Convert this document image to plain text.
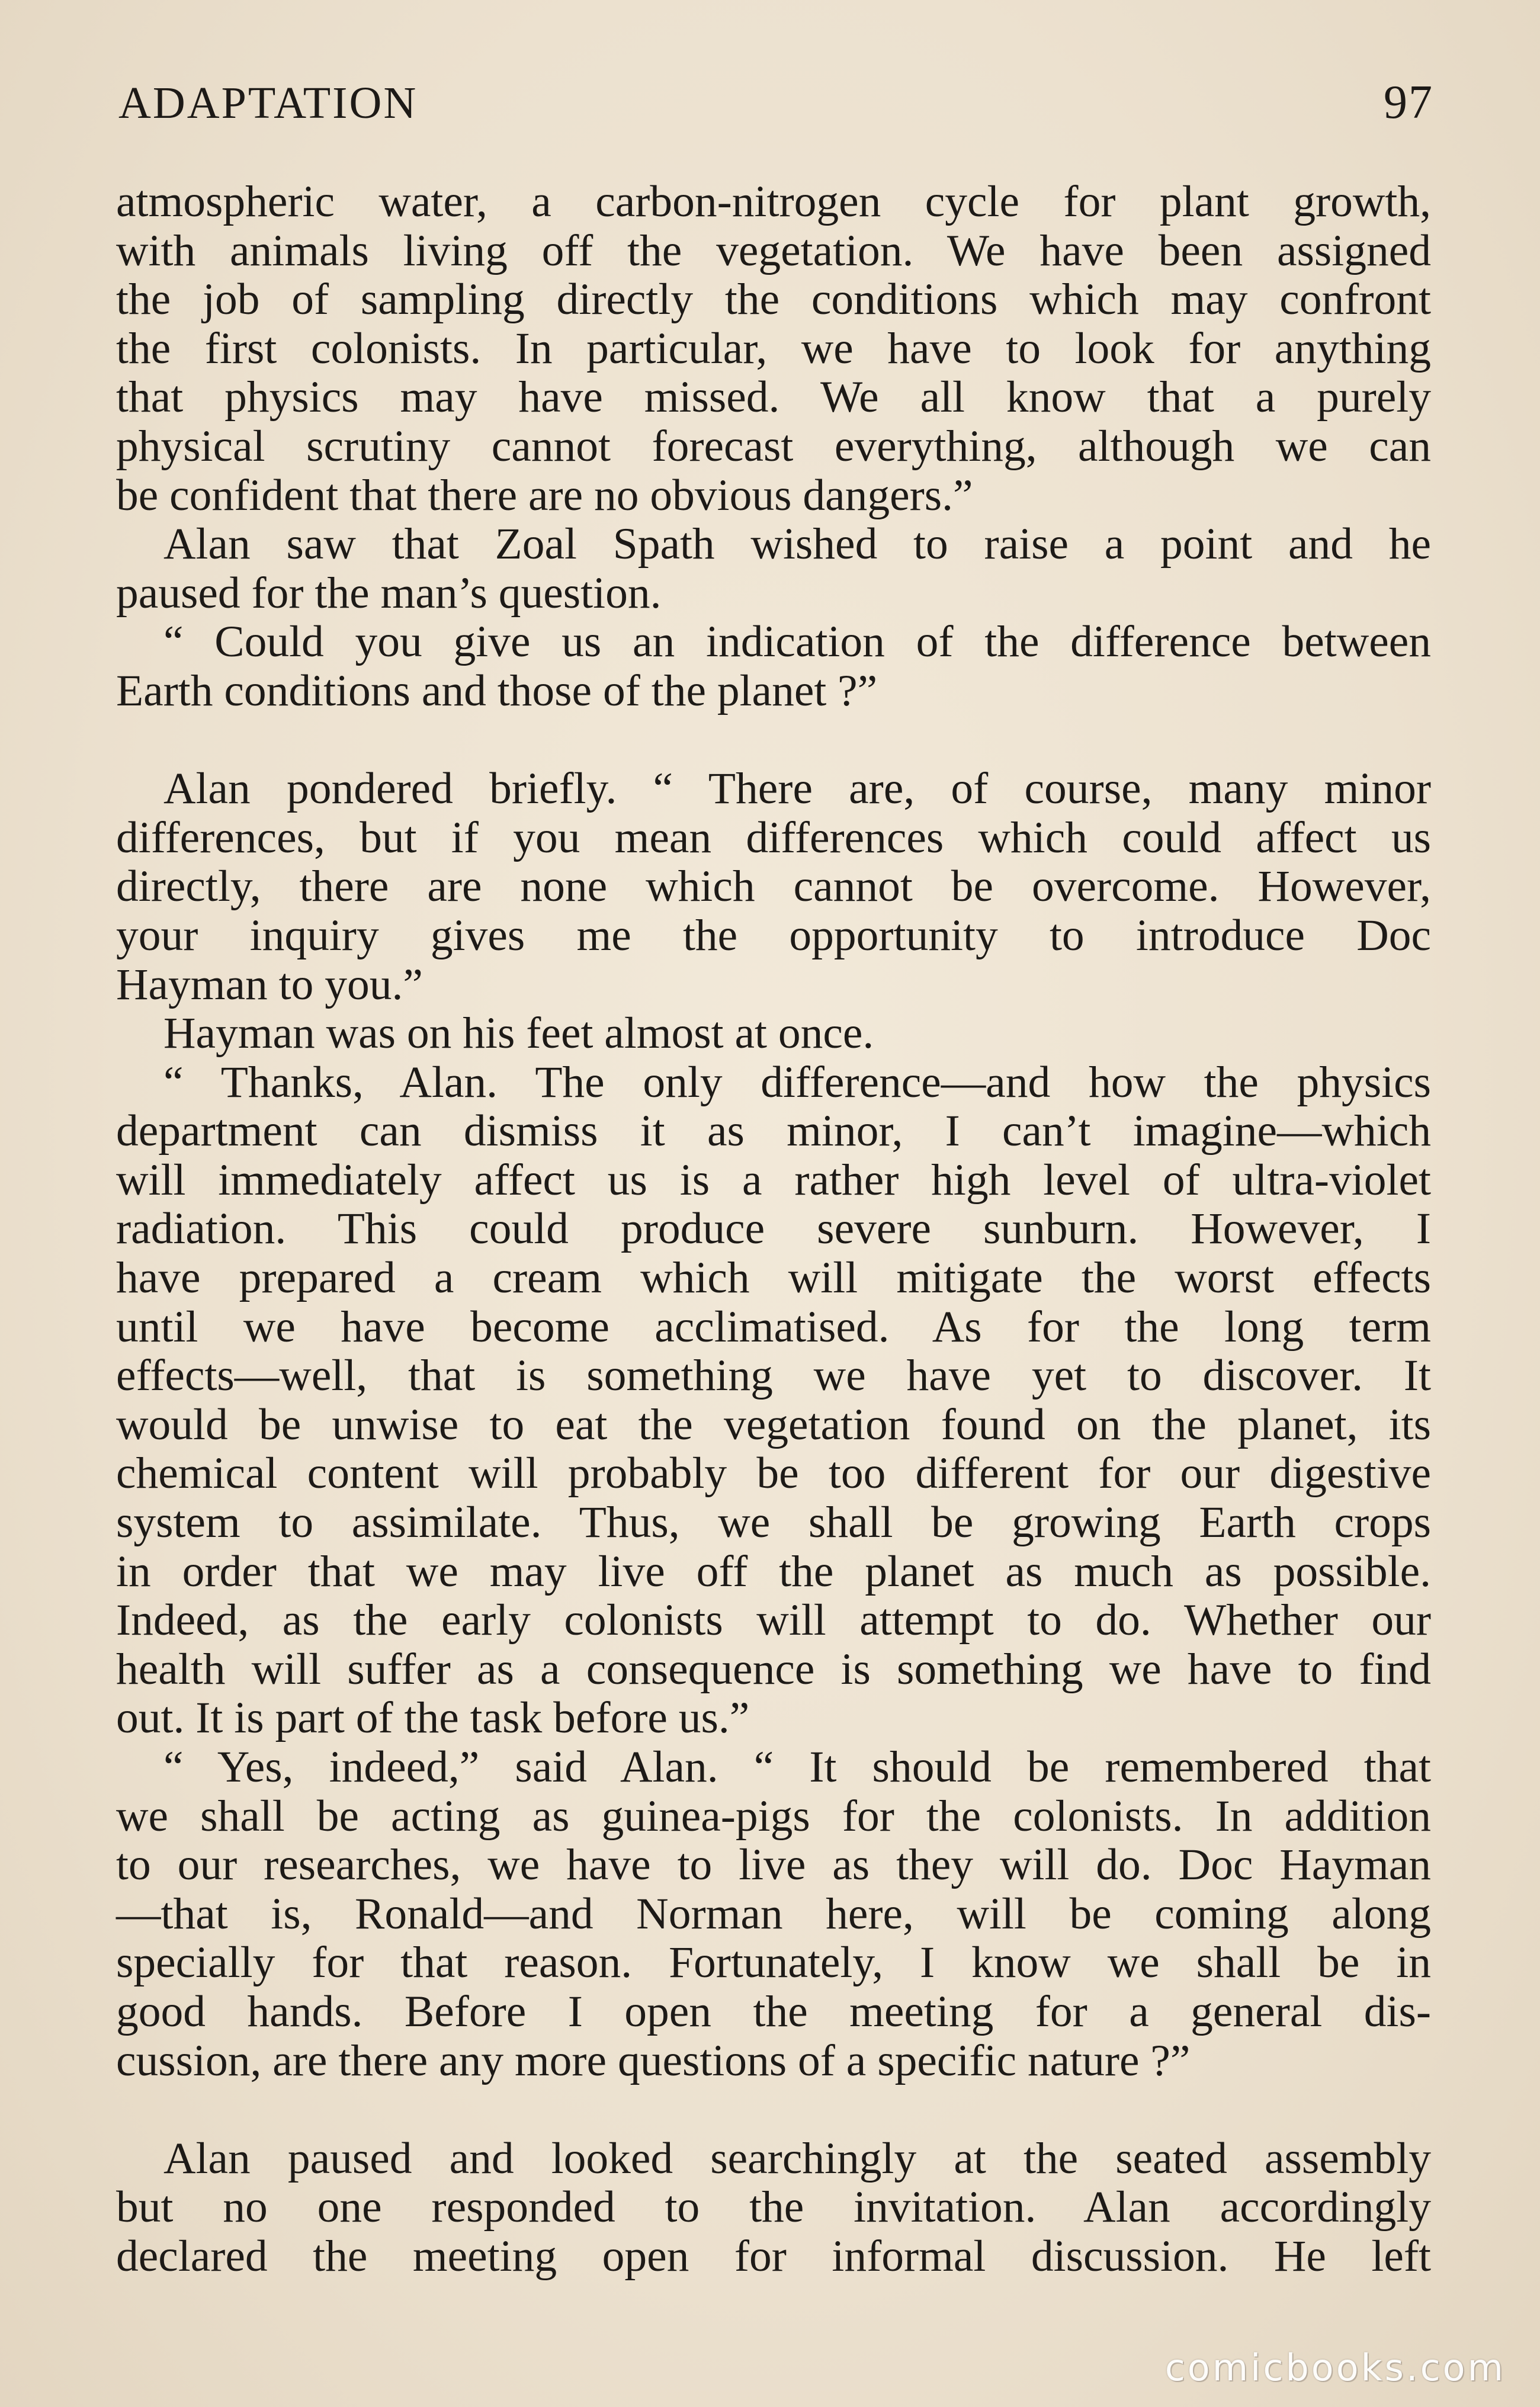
ADAPTATION	97
atmospheric water, a carbon-nitrogen cycle for plant growth,
with animals living off the vegetation. We have been assigned
the job of sampling directly the conditions which may confront
the first colonists. In particular, we have to look for anything
that physics may have missed. We all know that a purely
physical scrutiny cannot forecast everything, although we can
be confident that there are no obvious dangers.”
Alan saw that Zoal Spath wished to raise a point and he
paused for the man’s question.
“ Could you give us an indication of the difference between
Earth conditions and those of the planet ?”
Alan pondered briefly. “ There are, of course, many minor
differences, but if you mean differences which could affect us
directly, there are none which cannot be overcome. However,
your inquiry gives me the opportunity to introduce Doc
Hayman to you.”
Hayman was on his feet almost at once.
“ Thanks, Alan. The only difference—and how the physics
department can dismiss it as minor, I can’t imagine—which
will immediately affect us is a rather high level of ultra-violet
radiation. This could produce severe sunburn. However, I
have prepared a cream which will mitigate the worst effects
until we have become acclimatised. As for the long term
effects—well, that is something we have yet to discover. It
would be unwise to eat the vegetation found on the planet, its
chemical content will probably be too different for our digestive
system to assimilate. Thus, we shall be growing Earth crops
in order that we may live off the planet as much as possible.
Indeed, as the early colonists will attempt to do. Whether our
health will suffer as a consequence is something we have to find
out. It is part of the task before us.”
“ Yes, indeed,” said Alan. “ It should be remembered that
we shall be acting as guinea-pigs for the colonists. In addition
to our researches, we have to live as they will do. Doc Hayman
—that is, Ronald—and Norman here, will be coming along
specially for that reason. Fortunately, I know we shall be in
good hands. Before I open the meeting for a general dis-
cussion, are there any more questions of a specific nature ?”
Alan paused and looked searchingly at the seated assembly
but no one responded to the invitation. Alan accordingly
declared the meeting open for informal discussion. He left
comicbooks.com
